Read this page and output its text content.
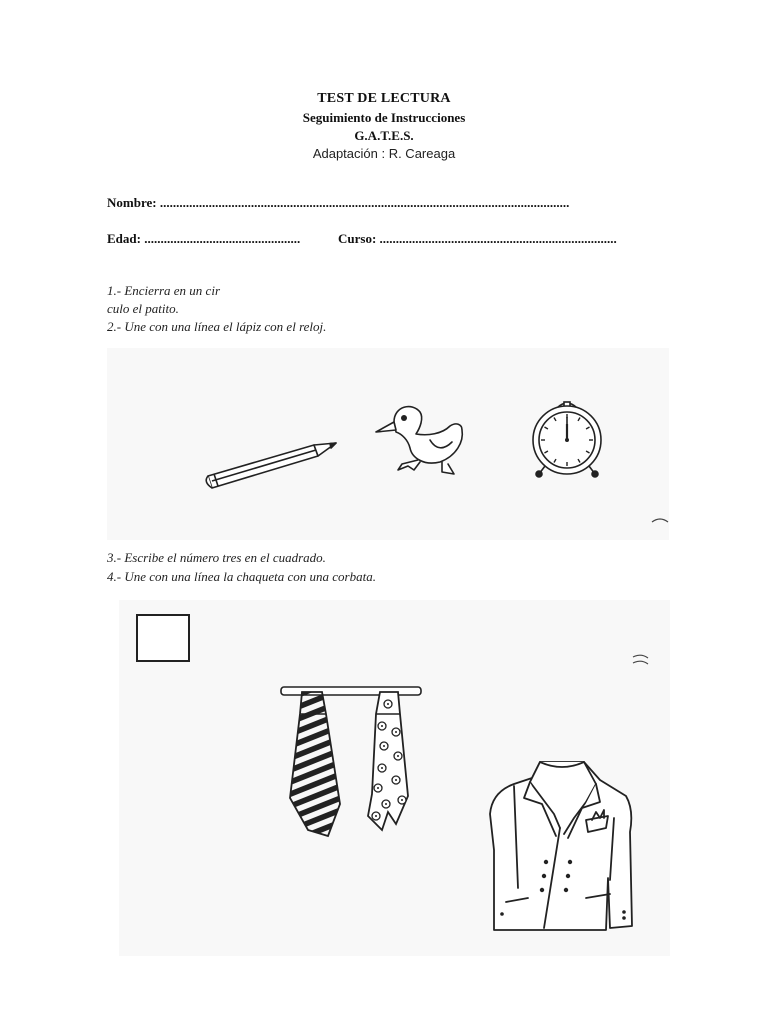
TEST DE LECTURA
Seguimiento de Instrucciones
G.A.T.E.S.
Adaptación : R. Careaga
Nombre: ..............................................................................................................................
Edad: ................................................	Curso: .........................................................................
1.- Encierra en un cir
culo el patito.
2.- Une con una línea el lápiz con el reloj.
3.- Escribe el número tres en el cuadrado.
4.- Une con una línea la chaqueta con una corbata.
